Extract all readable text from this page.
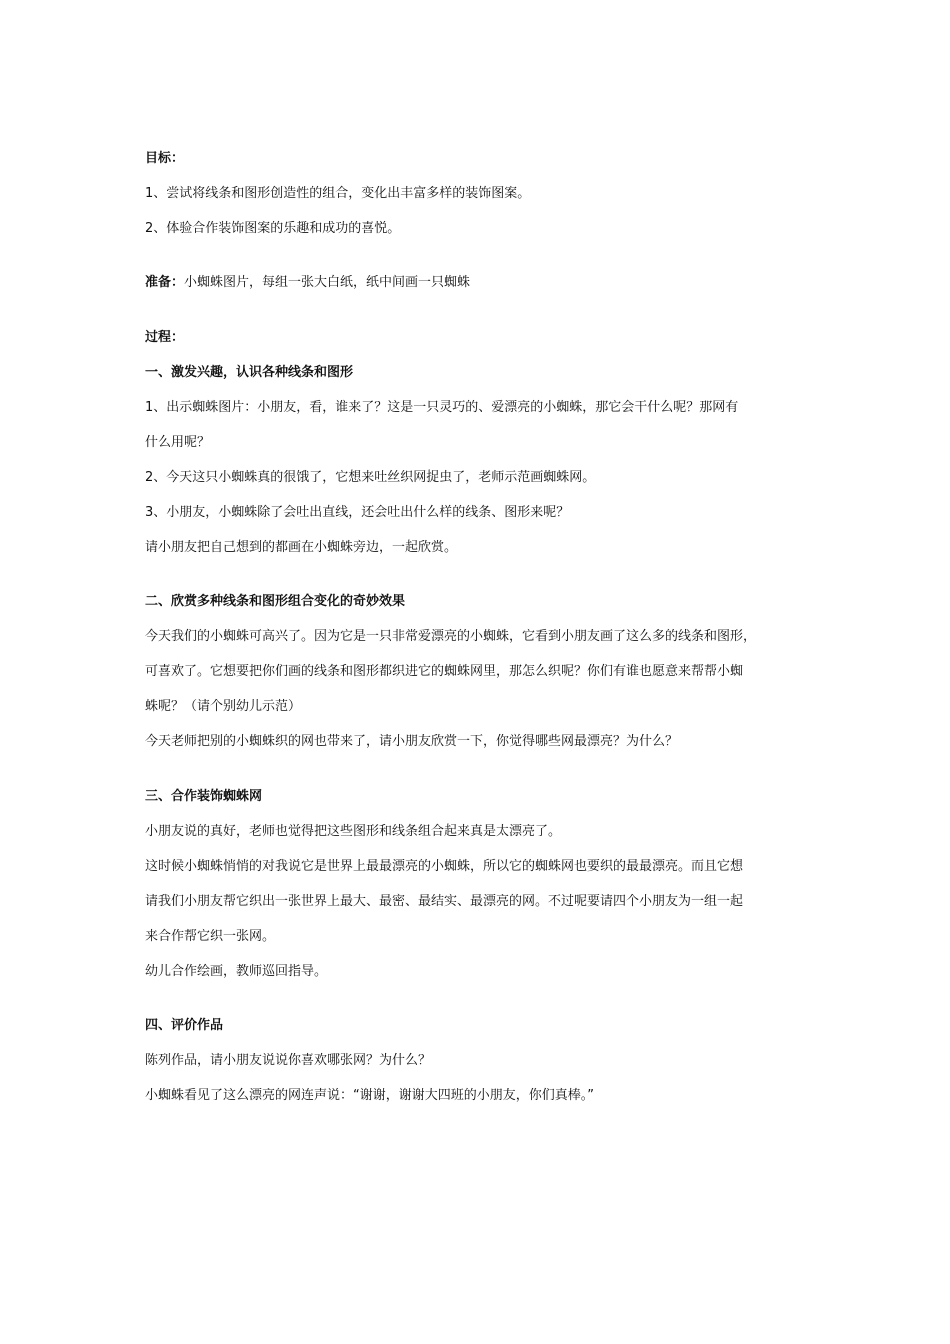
目标：
1、尝试将线条和图形创造性的组合，变化出丰富多样的装饰图案。
2、体验合作装饰图案的乐趣和成功的喜悦。
准备：小蜘蛛图片，每组一张大白纸，纸中间画一只蜘蛛
过程：
一、激发兴趣，认识各种线条和图形
1、出示蜘蛛图片：小朋友，看，谁来了？这是一只灵巧的、爱漂亮的小蜘蛛，那它会干什么呢？那网有
什么用呢？
2、今天这只小蜘蛛真的很饿了，它想来吐丝织网捉虫了，老师示范画蜘蛛网。
3、小朋友，小蜘蛛除了会吐出直线，还会吐出什么样的线条、图形来呢？
请小朋友把自己想到的都画在小蜘蛛旁边，一起欣赏。
二、欣赏多种线条和图形组合变化的奇妙效果
今天我们的小蜘蛛可高兴了。因为它是一只非常爱漂亮的小蜘蛛，它看到小朋友画了这么多的线条和图形，
可喜欢了。它想要把你们画的线条和图形都织进它的蜘蛛网里，那怎么织呢？你们有谁也愿意来帮帮小蜘
蛛呢？（请个别幼儿示范）
今天老师把别的小蜘蛛织的网也带来了，请小朋友欣赏一下，你觉得哪些网最漂亮？为什么？
三、合作装饰蜘蛛网
小朋友说的真好，老师也觉得把这些图形和线条组合起来真是太漂亮了。
这时候小蜘蛛悄悄的对我说它是世界上最最漂亮的小蜘蛛，所以它的蜘蛛网也要织的最最漂亮。而且它想
请我们小朋友帮它织出一张世界上最大、最密、最结实、最漂亮的网。不过呢要请四个小朋友为一组一起
来合作帮它织一张网。
幼儿合作绘画，教师巡回指导。
四、评价作品
陈列作品，请小朋友说说你喜欢哪张网？为什么？
小蜘蛛看见了这么漂亮的网连声说：“谢谢，谢谢大四班的小朋友，你们真棒。”
